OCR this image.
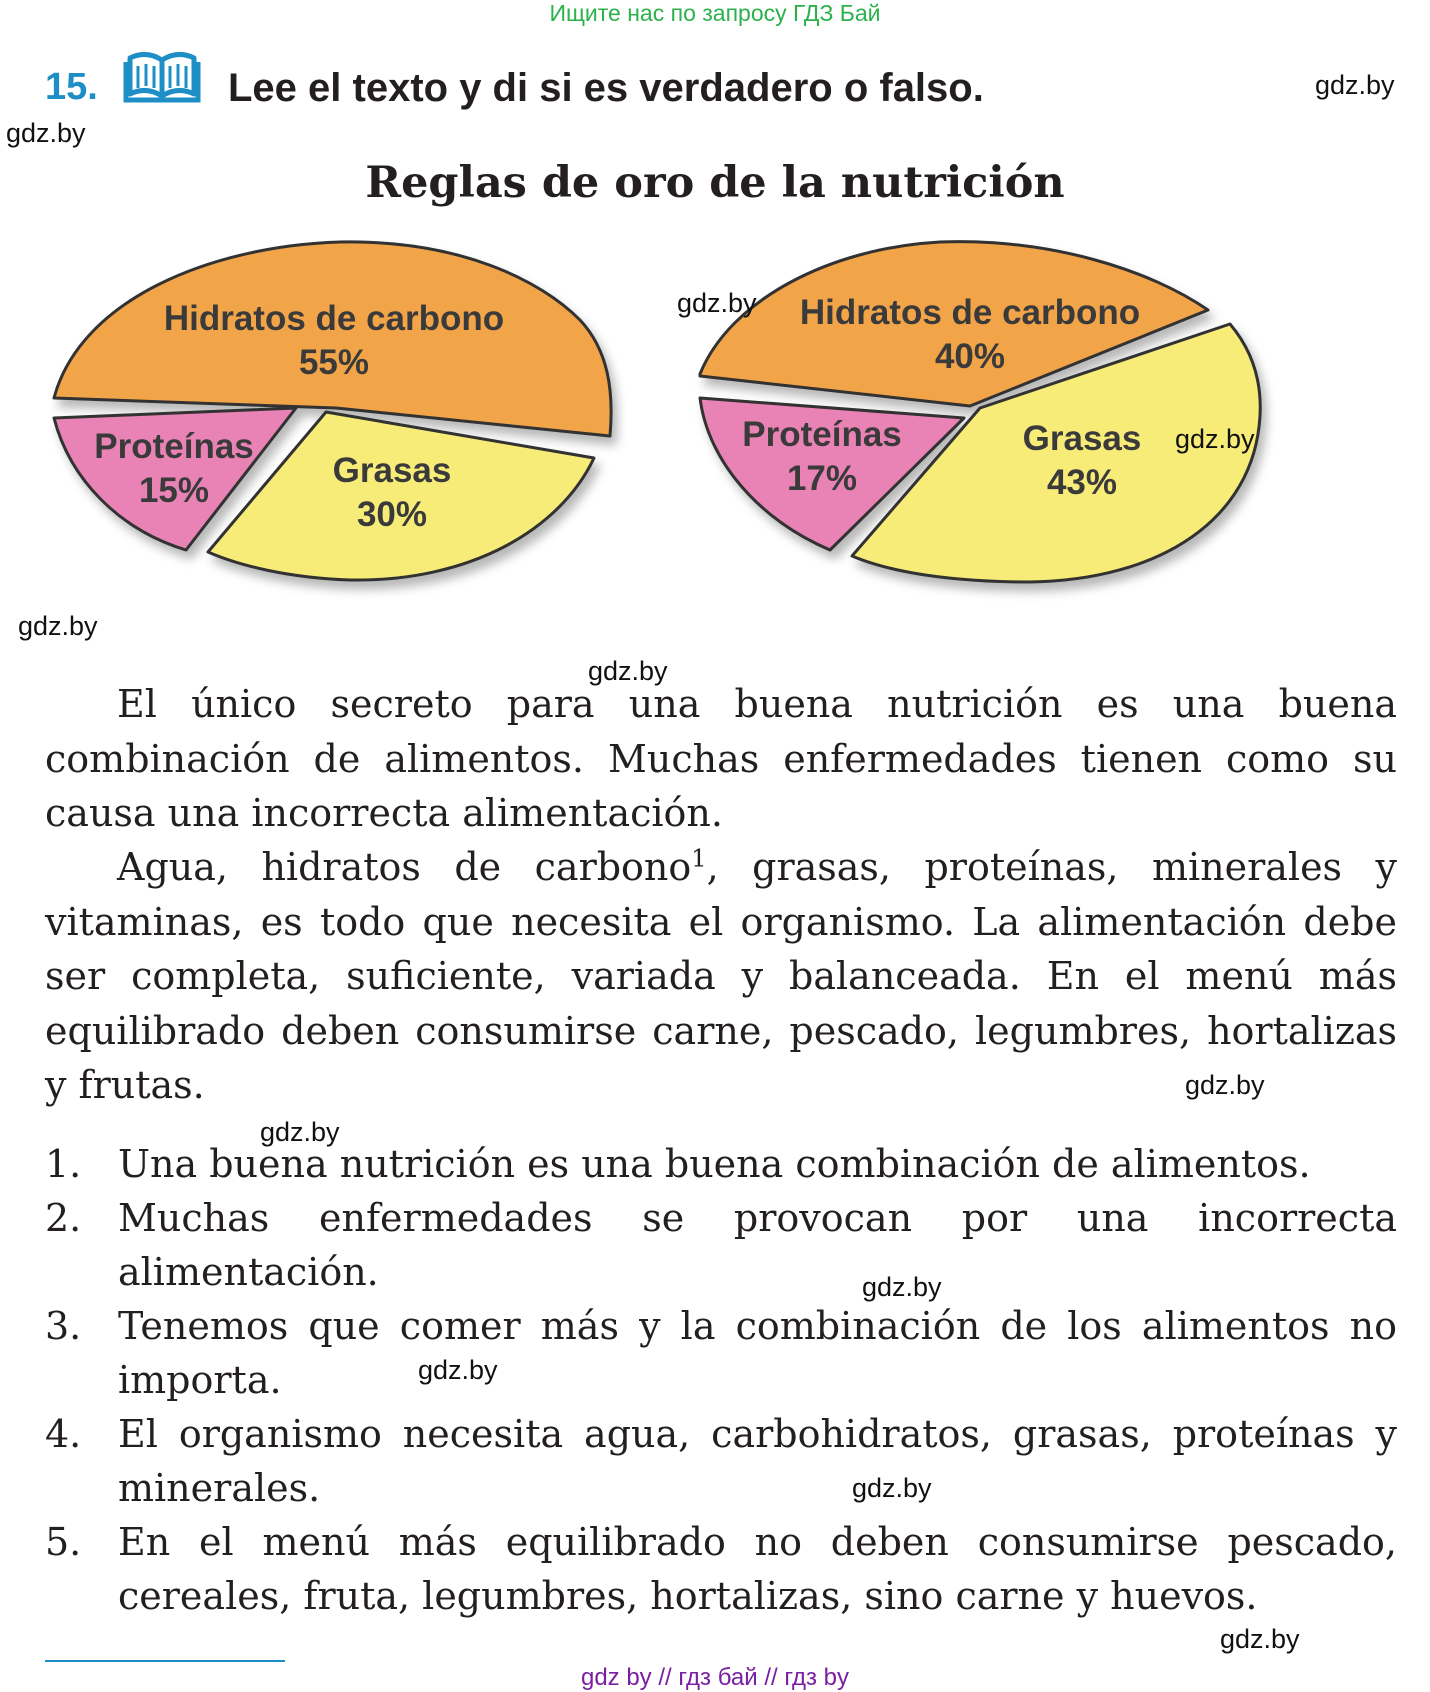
Ищите нас по запросу ГДЗ Бай
15.	Lee el texto y di si es verdadero o falso.
Reglas de oro de la nutrición
Hidratos de carbono
55%
Proteínas
15%
Grasas
30%
Hidratos de carbono
40%
Proteínas
17%
Grasas
43%
El único secreto para una buena nutrición es una buena combinación de alimentos. Muchas enfermedades tienen como su causa una incorrecta alimentación.
Agua, hidratos de carbono$^1$, grasas, proteínas, minerales y vitaminas, es todo que necesita el organismo. La alimentación debe ser completa, suficiente, variada y balanceada. En el menú más equilibrado deben consumirse carne, pescado, legumbres, hortalizas y frutas.
1. Una buena nutrición es una buena combinación de alimentos.
2. Muchas enfermedades se provocan por una incorrecta alimentación.
3. Tenemos que comer más y la combinación de los alimentos no importa.
4. El organismo necesita agua, carbohidratos, grasas, proteínas y minerales.
5. En el menú más equilibrado no deben consumirse pescado, cereales, fruta, legumbres, hortalizas, sino carne y huevos.
gdz.by
gdz.by
gdz.by
gdz.by
gdz.by
gdz.by
gdz.by
gdz.by
gdz.by
gdz.by
gdz.by
gdz.by
gdz by // гдз бай // гдз by
